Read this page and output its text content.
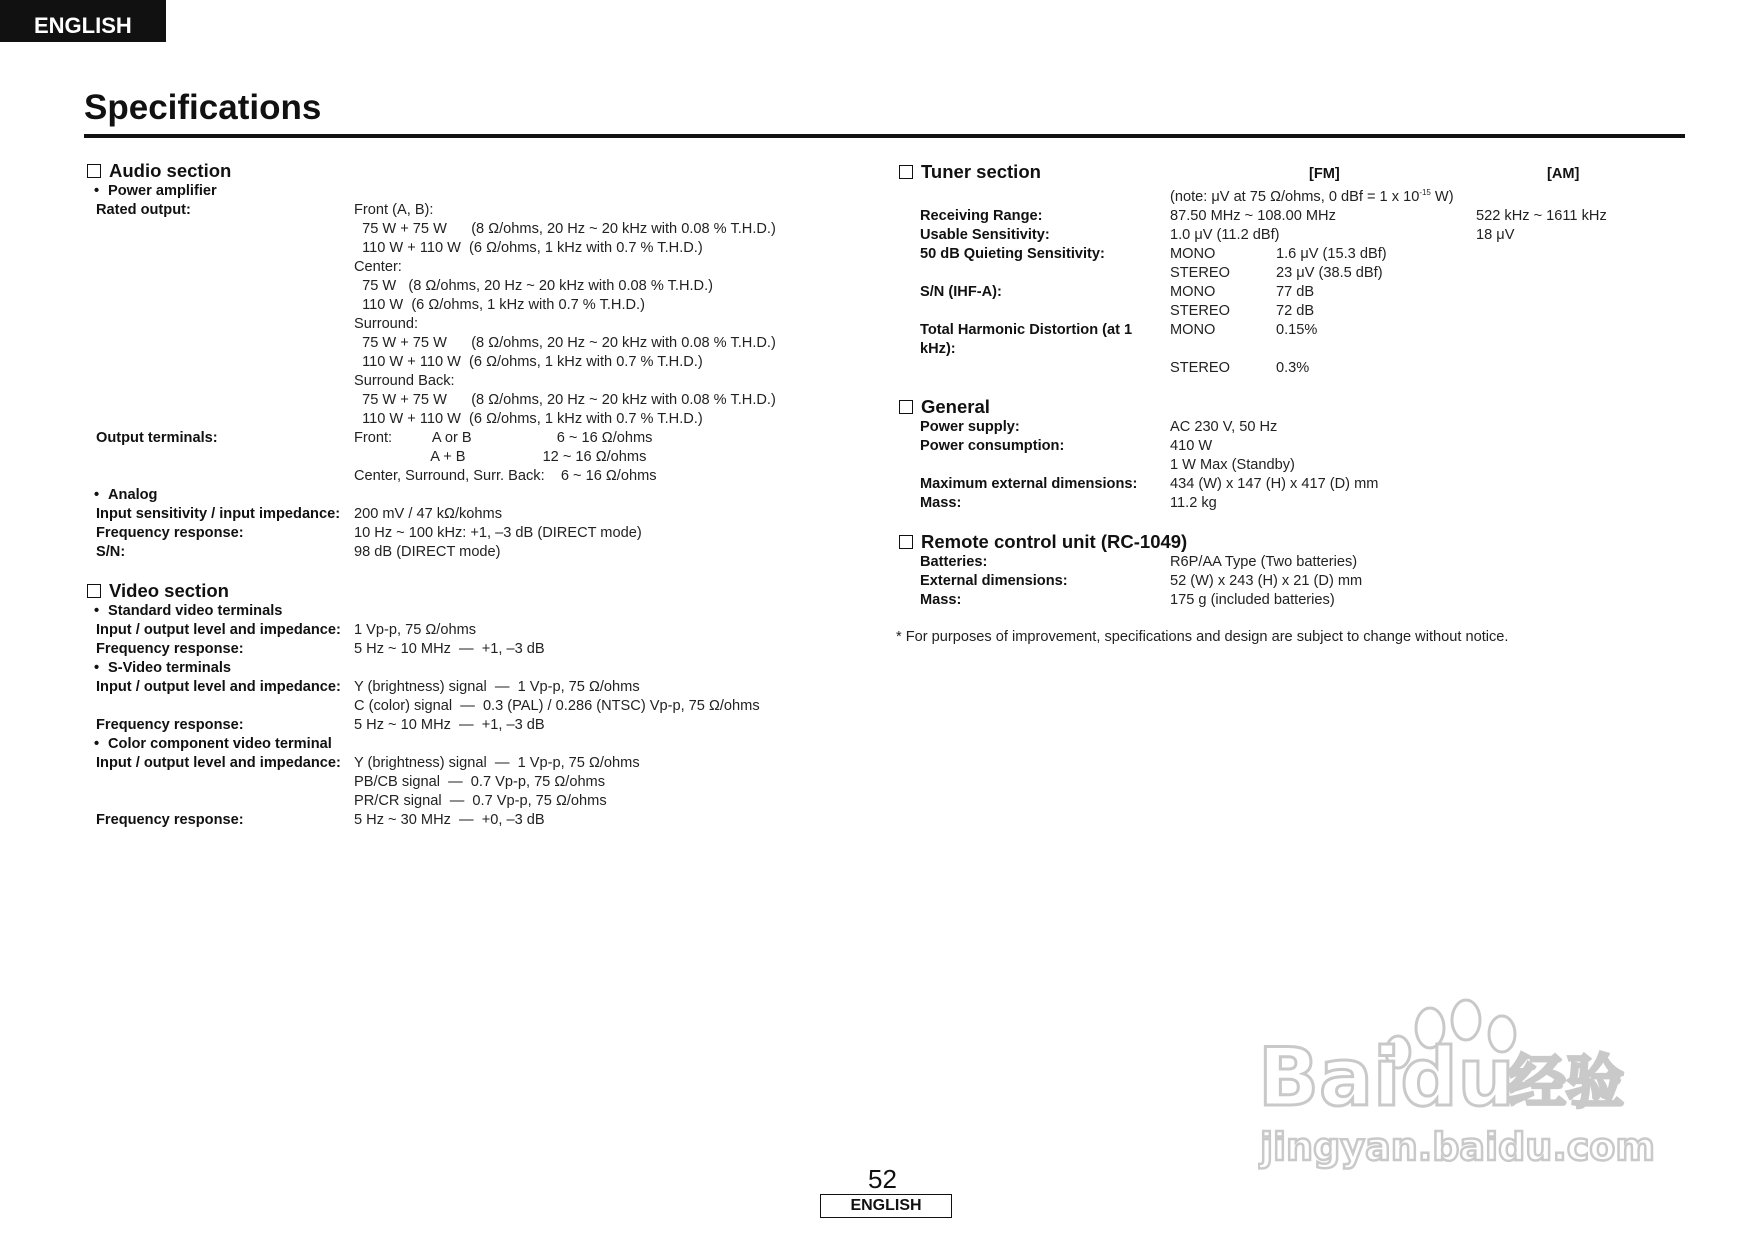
ENGLISH
Specifications
Audio section
• Power amplifier
Rated output:	Front (A, B):
75 W + 75 W      (8 Ω/ohms, 20 Hz ~ 20 kHz with 0.08 % T.H.D.)
110 W + 110 W  (6 Ω/ohms, 1 kHz with 0.7 % T.H.D.)
Center:
75 W   (8 Ω/ohms, 20 Hz ~ 20 kHz with 0.08 % T.H.D.)
110 W  (6 Ω/ohms, 1 kHz with 0.7 % T.H.D.)
Surround:
75 W + 75 W      (8 Ω/ohms, 20 Hz ~ 20 kHz with 0.08 % T.H.D.)
110 W + 110 W  (6 Ω/ohms, 1 kHz with 0.7 % T.H.D.)
Surround Back:
75 W + 75 W      (8 Ω/ohms, 20 Hz ~ 20 kHz with 0.08 % T.H.D.)
110 W + 110 W  (6 Ω/ohms, 1 kHz with 0.7 % T.H.D.)
Output terminals:	Front:          A or B                     6 ~ 16 Ω/ohms
A + B                   12 ~ 16 Ω/ohms
Center, Surround, Surr. Back:    6 ~ 16 Ω/ohms
• Analog
Input sensitivity / input impedance: 200 mV / 47 kΩ/kohms
Frequency response:	10 Hz ~ 100 kHz: +1, –3 dB (DIRECT mode)
S/N:	98 dB (DIRECT mode)
Video section
• Standard video terminals
Input / output level and impedance: 1 Vp-p, 75 Ω/ohms
Frequency response:	5 Hz ~ 10 MHz  —  +1, –3 dB
• S-Video terminals
Input / output level and impedance: Y (brightness) signal  —  1 Vp-p, 75 Ω/ohms
C (color) signal  —  0.3 (PAL) / 0.286 (NTSC) Vp-p, 75 Ω/ohms
Frequency response:	5 Hz ~ 10 MHz  —  +1, –3 dB
• Color component video terminal
Input / output level and impedance: Y (brightness) signal  —  1 Vp-p, 75 Ω/ohms
PB/CB signal  —  0.7 Vp-p, 75 Ω/ohms
PR/CR signal  —  0.7 Vp-p, 75 Ω/ohms
Frequency response:	5 Hz ~ 30 MHz  —  +0, –3 dB
[FM]	[AM]
Tuner section
(note: μV at 75 Ω/ohms, 0 dBf = 1 x $10^{-15}$ W)
Receiving Range:	87.50 MHz ~ 108.00 MHz	522 kHz ~ 1611 kHz
Usable Sensitivity:	1.0 μV (11.2 dBf)	18 μV
50 dB Quieting Sensitivity:	MONO	1.6 μV (15.3 dBf)
STEREO	23 μV (38.5 dBf)
S/N (IHF-A):	MONO	77 dB
STEREO	72 dB
Total Harmonic Distortion (at 1 kHz):
MONO	0.15%
STEREO	0.3%
General
Power supply:	AC 230 V, 50 Hz
Power consumption:	410 W
1 W Max (Standby)
Maximum external dimensions:	434 (W) x 147 (H) x 417 (D) mm
Mass:	11.2 kg
Remote control unit (RC-1049)
Batteries:	R6P/AA Type (Two batteries)
External dimensions:	52 (W) x 243 (H) x 21 (D) mm
Mass:	175 g (included batteries)
* For purposes of improvement, specifications and design are subject to change without notice.
Baidu
经验
jingyan.baidu.com
52
ENGLISH
